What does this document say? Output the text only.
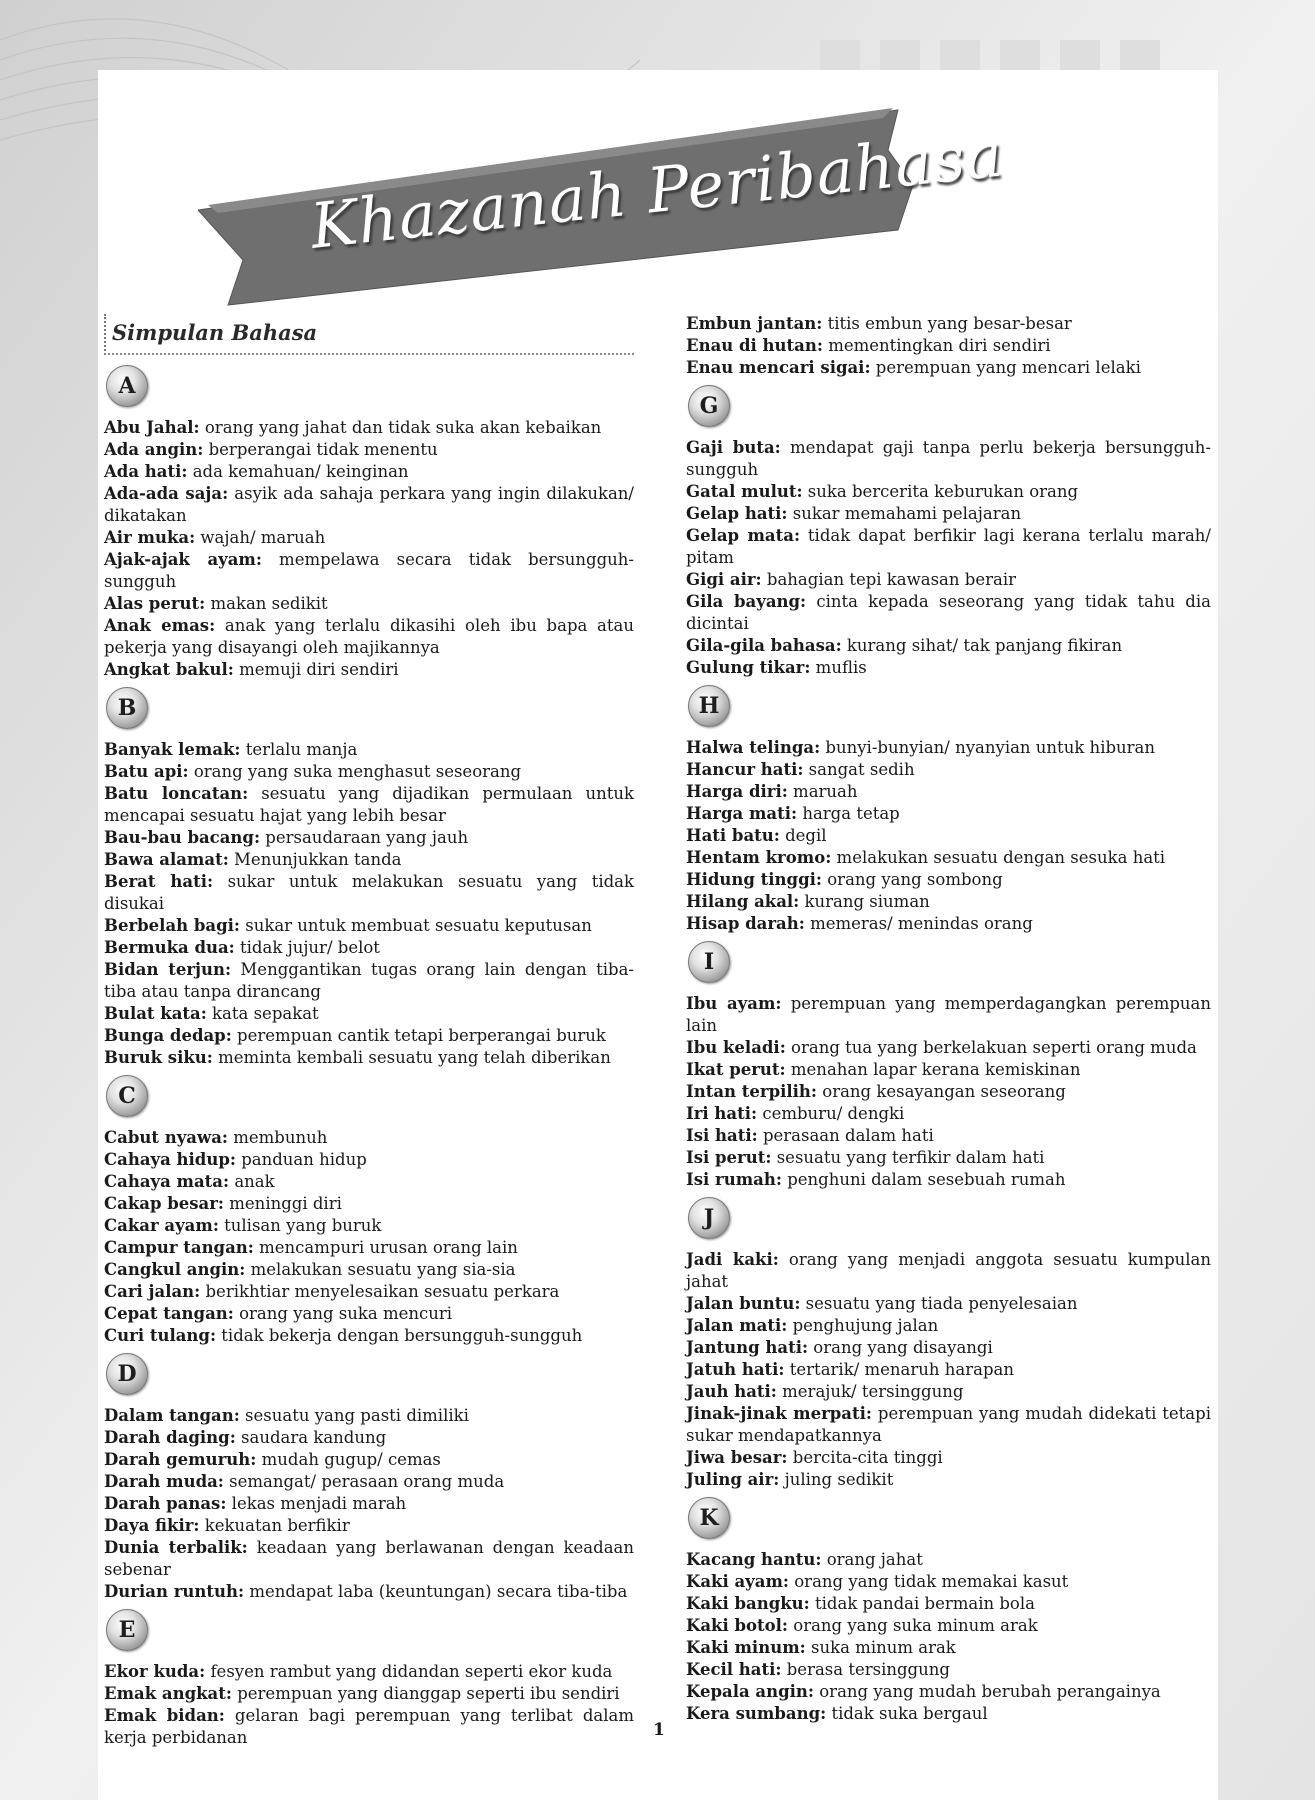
Khazanah Peribahasa
Simpulan Bahasa
A

Abu Jahal: orang yang jahat dan tidak suka akan kebaikan

Ada angin: berperangai tidak menentu

Ada hati: ada kemahuan/ keinginan

Ada-ada saja: asyik ada sahaja perkara yang ingin dilakukan/ dikatakan

Air muka: wajah/ maruah

Ajak-ajak ayam: mempelawa secara tidak bersungguh-sungguh

Alas perut: makan sedikit

Anak emas: anak yang terlalu dikasihi oleh ibu bapa atau pekerja yang disayangi oleh majikannya

Angkat bakul: memuji diri sendiri

B

Banyak lemak: terlalu manja

Batu api: orang yang suka menghasut seseorang

Batu loncatan: sesuatu yang dijadikan permulaan untuk mencapai sesuatu hajat yang lebih besar

Bau-bau bacang: persaudaraan yang jauh

Bawa alamat: Menunjukkan tanda

Berat hati: sukar untuk melakukan sesuatu yang tidak disukai

Berbelah bagi: sukar untuk membuat sesuatu keputusan

Bermuka dua: tidak jujur/ belot

Bidan terjun: Menggantikan tugas orang lain dengan tiba-tiba atau tanpa dirancang

Bulat kata: kata sepakat

Bunga dedap: perempuan cantik tetapi berperangai buruk

Buruk siku: meminta kembali sesuatu yang telah diberikan

C

Cabut nyawa: membunuh

Cahaya hidup: panduan hidup

Cahaya mata: anak

Cakap besar: meninggi diri

Cakar ayam: tulisan yang buruk

Campur tangan: mencampuri urusan orang lain

Cangkul angin: melakukan sesuatu yang sia-sia

Cari jalan: berikhtiar menyelesaikan sesuatu perkara

Cepat tangan: orang yang suka mencuri

Curi tulang: tidak bekerja dengan bersungguh-sungguh

D

Dalam tangan: sesuatu yang pasti dimiliki

Darah daging: saudara kandung

Darah gemuruh: mudah gugup/ cemas

Darah muda: semangat/ perasaan orang muda

Darah panas: lekas menjadi marah

Daya fikir: kekuatan berfikir

Dunia terbalik: keadaan yang berlawanan dengan keadaan sebenar

Durian runtuh: mendapat laba (keuntungan) secara tiba-tiba

E

Ekor kuda: fesyen rambut yang didandan seperti ekor kuda

Emak angkat: perempuan yang dianggap seperti ibu sendiri

Emak bidan: gelaran bagi perempuan yang terlibat dalam kerja perbidanan

Embun jantan: titis embun yang besar-besar

Enau di hutan: mementingkan diri sendiri

Enau mencari sigai: perempuan yang mencari lelaki

G

Gaji buta: mendapat gaji tanpa perlu bekerja bersungguh-sungguh

Gatal mulut: suka bercerita keburukan orang

Gelap hati: sukar memahami pelajaran

Gelap mata: tidak dapat berfikir lagi kerana terlalu marah/ pitam

Gigi air: bahagian tepi kawasan berair

Gila bayang: cinta kepada seseorang yang tidak tahu dia dicintai

Gila-gila bahasa: kurang sihat/ tak panjang fikiran

Gulung tikar: muflis

H

Halwa telinga: bunyi-bunyian/ nyanyian untuk hiburan

Hancur hati: sangat sedih

Harga diri: maruah

Harga mati: harga tetap

Hati batu: degil

Hentam kromo: melakukan sesuatu dengan sesuka hati

Hidung tinggi: orang yang sombong

Hilang akal: kurang siuman

Hisap darah: memeras/ menindas orang

I

Ibu ayam: perempuan yang memperdagangkan perempuan lain

Ibu keladi: orang tua yang berkelakuan seperti orang muda

Ikat perut: menahan lapar kerana kemiskinan

Intan terpilih: orang kesayangan seseorang

Iri hati: cemburu/ dengki

Isi hati: perasaan dalam hati

Isi perut: sesuatu yang terfikir dalam hati

Isi rumah: penghuni dalam sesebuah rumah

J

Jadi kaki: orang yang menjadi anggota sesuatu kumpulan jahat

Jalan buntu: sesuatu yang tiada penyelesaian

Jalan mati: penghujung jalan

Jantung hati: orang yang disayangi

Jatuh hati: tertarik/ menaruh harapan

Jauh hati: merajuk/ tersinggung

Jinak-jinak merpati: perempuan yang mudah didekati tetapi sukar mendapatkannya

Jiwa besar: bercita-cita tinggi

Juling air: juling sedikit

K

Kacang hantu: orang jahat

Kaki ayam: orang yang tidak memakai kasut

Kaki bangku: tidak pandai bermain bola

Kaki botol: orang yang suka minum arak

Kaki minum: suka minum arak

Kecil hati: berasa tersinggung

Kepala angin: orang yang mudah berubah perangainya

Kera sumbang: tidak suka bergaul

1
